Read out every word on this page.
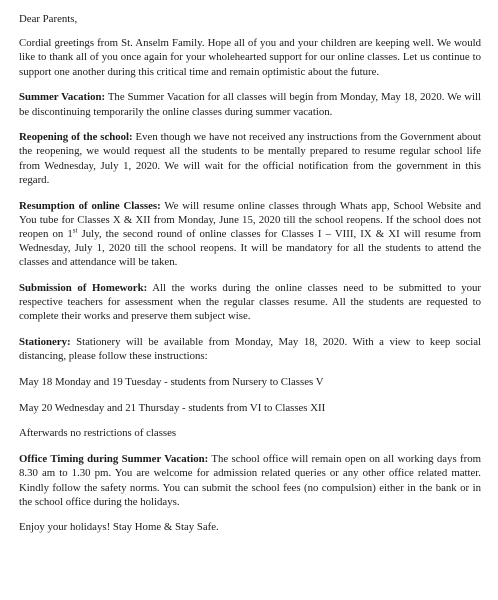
Dear Parents,

Cordial greetings from St. Anselm Family. Hope all of you and your children are keeping well. We would like to thank all of you once again for your wholehearted support for our online classes. Let us continue to support one another during this critical time and remain optimistic about the future.

Summer Vacation: The Summer Vacation for all classes will begin from Monday, May 18, 2020. We will be discontinuing temporarily the online classes during summer vacation.

Reopening of the school: Even though we have not received any instructions from the Government about the reopening, we would request all the students to be mentally prepared to resume regular school life from Wednesday, July 1, 2020. We will wait for the official notification from the government in this regard.

Resumption of online Classes: We will resume online classes through Whats app, School Website and You tube for Classes X & XII from Monday, June 15, 2020 till the school reopens. If the school does not reopen on 1st July, the second round of online classes for Classes I – VIII, IX & XI will resume from Wednesday, July 1, 2020 till the school reopens. It will be mandatory for all the students to attend the classes and attendance will be taken.

Submission of Homework: All the works during the online classes need to be submitted to your respective teachers for assessment when the regular classes resume. All the students are requested to complete their works and preserve them subject wise.

Stationery: Stationery will be available from Monday, May 18, 2020. With a view to keep social distancing, please follow these instructions:

May 18 Monday and 19 Tuesday - students from Nursery to Classes V

May 20 Wednesday and 21 Thursday - students from VI to Classes XII

Afterwards no restrictions of classes

Office Timing during Summer Vacation: The school office will remain open on all working days from 8.30 am to 1.30 pm. You are welcome for admission related queries or any other office related matter. Kindly follow the safety norms. You can submit the school fees (no compulsion) either in the bank or in the school office during the holidays.

Enjoy your holidays! Stay Home & Stay Safe.
